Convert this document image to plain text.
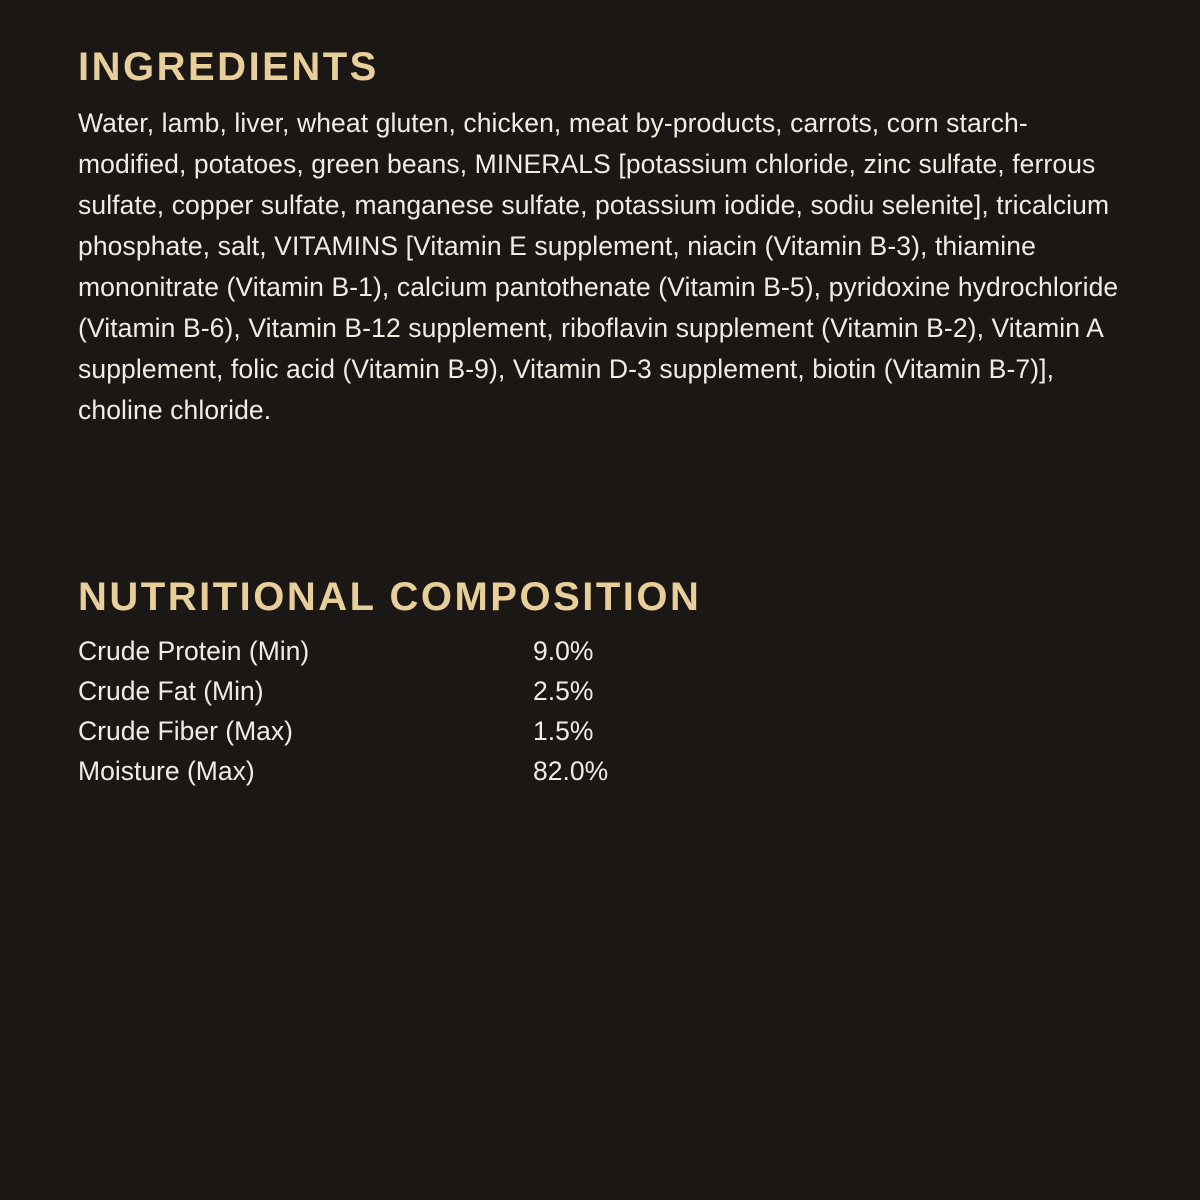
INGREDIENTS

Water, lamb, liver, wheat gluten, chicken, meat by-products, carrots, corn starch-modified, potatoes, green beans, MINERALS [potassium chloride, zinc sulfate, ferrous sulfate, copper sulfate, manganese sulfate, potassium iodide, sodiu selenite], tricalcium phosphate, salt, VITAMINS [Vitamin E supplement, niacin (Vitamin B-3), thiamine mononitrate (Vitamin B-1), calcium pantothenate (Vitamin B-5), pyridoxine hydrochloride (Vitamin B-6), Vitamin B-12 supplement, riboflavin supplement (Vitamin B-2), Vitamin A supplement, folic acid (Vitamin B-9), Vitamin D-3 supplement, biotin (Vitamin B-7)], choline chloride.

NUTRITIONAL COMPOSITION
Crude Protein (Min)	9.0%
Crude Fat (Min)	2.5%
Crude Fiber (Max)	1.5%
Moisture (Max)	82.0%
